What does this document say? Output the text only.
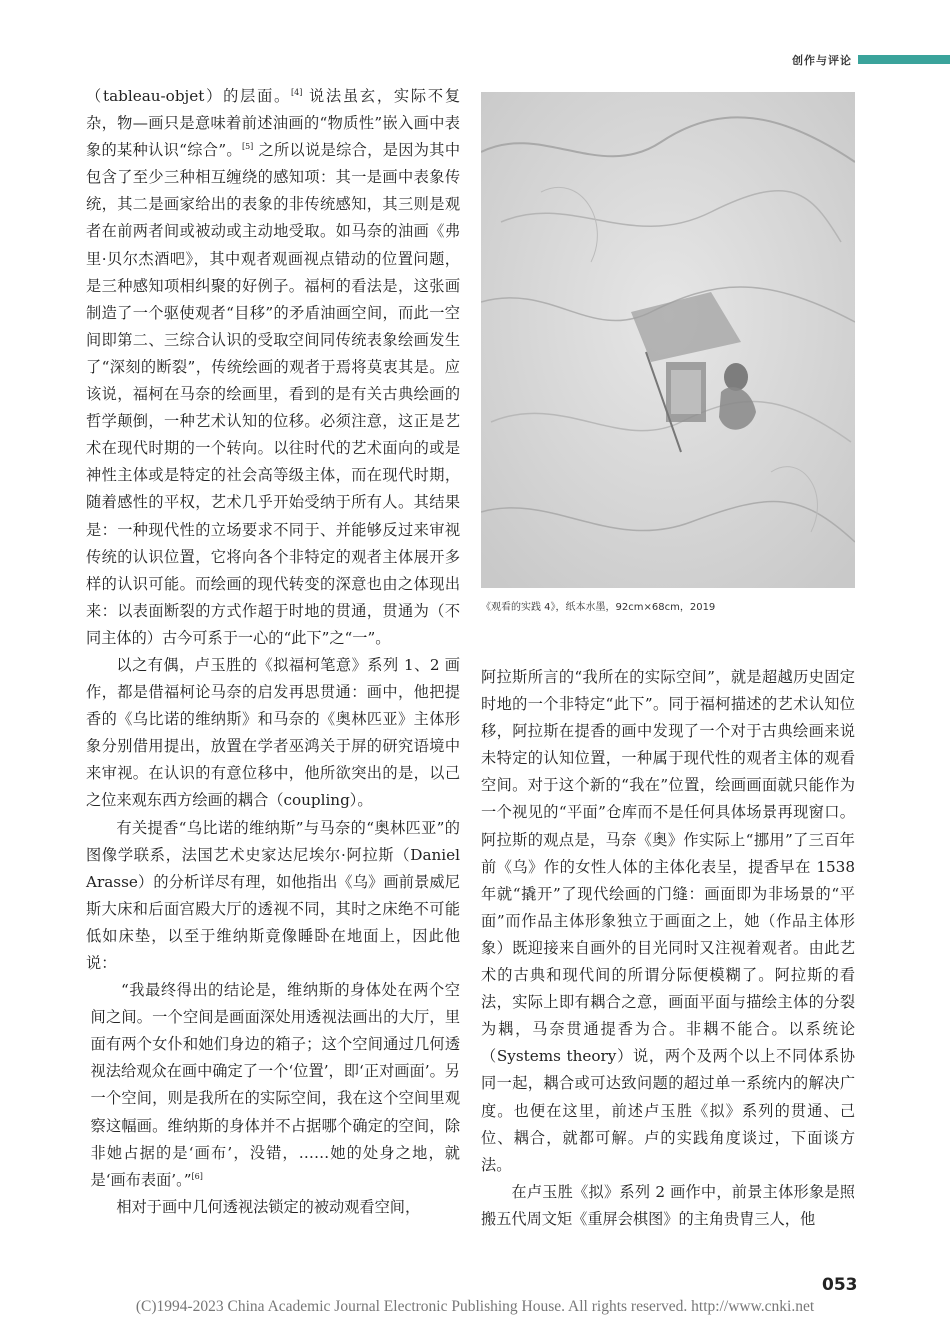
创作与评论

（tableau-objet）的层面。[4] 说法虽玄，实际不复杂，物—画只是意味着前述油画的“物质性”嵌入画中表象的某种认识“综合”。[5] 之所以说是综合，是因为其中包含了至少三种相互缠绕的感知项：其一是画中表象传统，其二是画家给出的表象的非传统感知，其三则是观者在前两者间或被动或主动地受取。如马奈的油画《弗里·贝尔杰酒吧》，其中观者观画视点错动的位置问题，是三种感知项相纠聚的好例子。福柯的看法是，这张画制造了一个驱使观者“目移”的矛盾油画空间，而此一空间即第二、三综合认识的受取空间同传统表象绘画发生了“深刻的断裂”，传统绘画的观者于焉将莫衷其是。应该说，福柯在马奈的绘画里，看到的是有关古典绘画的哲学颠倒，一种艺术认知的位移。必须注意，这正是艺术在现代时期的一个转向。以往时代的艺术面向的或是神性主体或是特定的社会高等级主体，而在现代时期，随着感性的平权，艺术几乎开始受纳于所有人。其结果是：一种现代性的立场要求不同于、并能够反过来审视传统的认识位置，它将向各个非特定的观者主体展开多样的认识可能。而绘画的现代转变的深意也由之体现出来：以表面断裂的方式作超于时地的贯通，贯通为（不同主体的）古今可系于一心的“此下”之“一”。

以之有偶，卢玉胜的《拟福柯笔意》系列 1、2 画作，都是借福柯论马奈的启发再思贯通：画中，他把提香的《乌比诺的维纳斯》和马奈的《奥林匹亚》主体形象分别借用提出，放置在学者巫鸿关于屏的研究语境中来审视。在认识的有意位移中，他所欲突出的是，以己之位来观东西方绘画的耦合（coupling）。

有关提香“乌比诺的维纳斯”与马奈的“奥林匹亚”的图像学联系，法国艺术史家达尼埃尔·阿拉斯（Daniel Arasse）的分析详尽有理，如他指出《乌》画前景威尼斯大床和后面宫殿大厅的透视不同，其时之床绝不可能低如床垫，以至于维纳斯竟像睡卧在地面上，因此他说：

“我最终得出的结论是，维纳斯的身体处在两个空间之间。一个空间是画面深处用透视法画出的大厅，里面有两个女仆和她们身边的箱子；这个空间通过几何透视法给观众在画中确定了一个‘位置’，即‘正对画面’。另一个空间，则是我所在的实际空间，我在这个空间里观察这幅画。维纳斯的身体并不占据哪个确定的空间，除非她占据的是‘画布’，没错，……她的处身之地，就是‘画布表面’。”[6]

相对于画中几何透视法锁定的被动观看空间，

《观看的实践 4》，纸本水墨，92cm×68cm，2019

阿拉斯所言的“我所在的实际空间”，就是超越历史固定时地的一个非特定“此下”。同于福柯描述的艺术认知位移，阿拉斯在提香的画中发现了一个对于古典绘画来说未特定的认知位置，一种属于现代性的观者主体的观看空间。对于这个新的“我在”位置，绘画画面就只能作为一个视见的“平面”仓库而不是任何具体场景再现窗口。阿拉斯的观点是，马奈《奥》作实际上“挪用”了三百年前《乌》作的女性人体的主体化表呈，提香早在 1538 年就“撬开”了现代绘画的门缝：画面即为非场景的“平面”而作品主体形象独立于画面之上，她（作品主体形象）既迎接来自画外的目光同时又注视着观者。由此艺术的古典和现代间的所谓分际便模糊了。阿拉斯的看法，实际上即有耦合之意，画面平面与描绘主体的分裂为耦，马奈贯通提香为合。非耦不能合。以系统论（Systems theory）说，两个及两个以上不同体系协同一起，耦合或可达致问题的超过单一系统内的解决广度。也便在这里，前述卢玉胜《拟》系列的贯通、己位、耦合，就都可解。卢的实践角度谈过，下面谈方法。

在卢玉胜《拟》系列 2 画作中，前景主体形象是照搬五代周文矩《重屏会棋图》的主角贵胄三人，他

053
(C)1994-2023 China Academic Journal Electronic Publishing House. All rights reserved. http://www.cnki.net
